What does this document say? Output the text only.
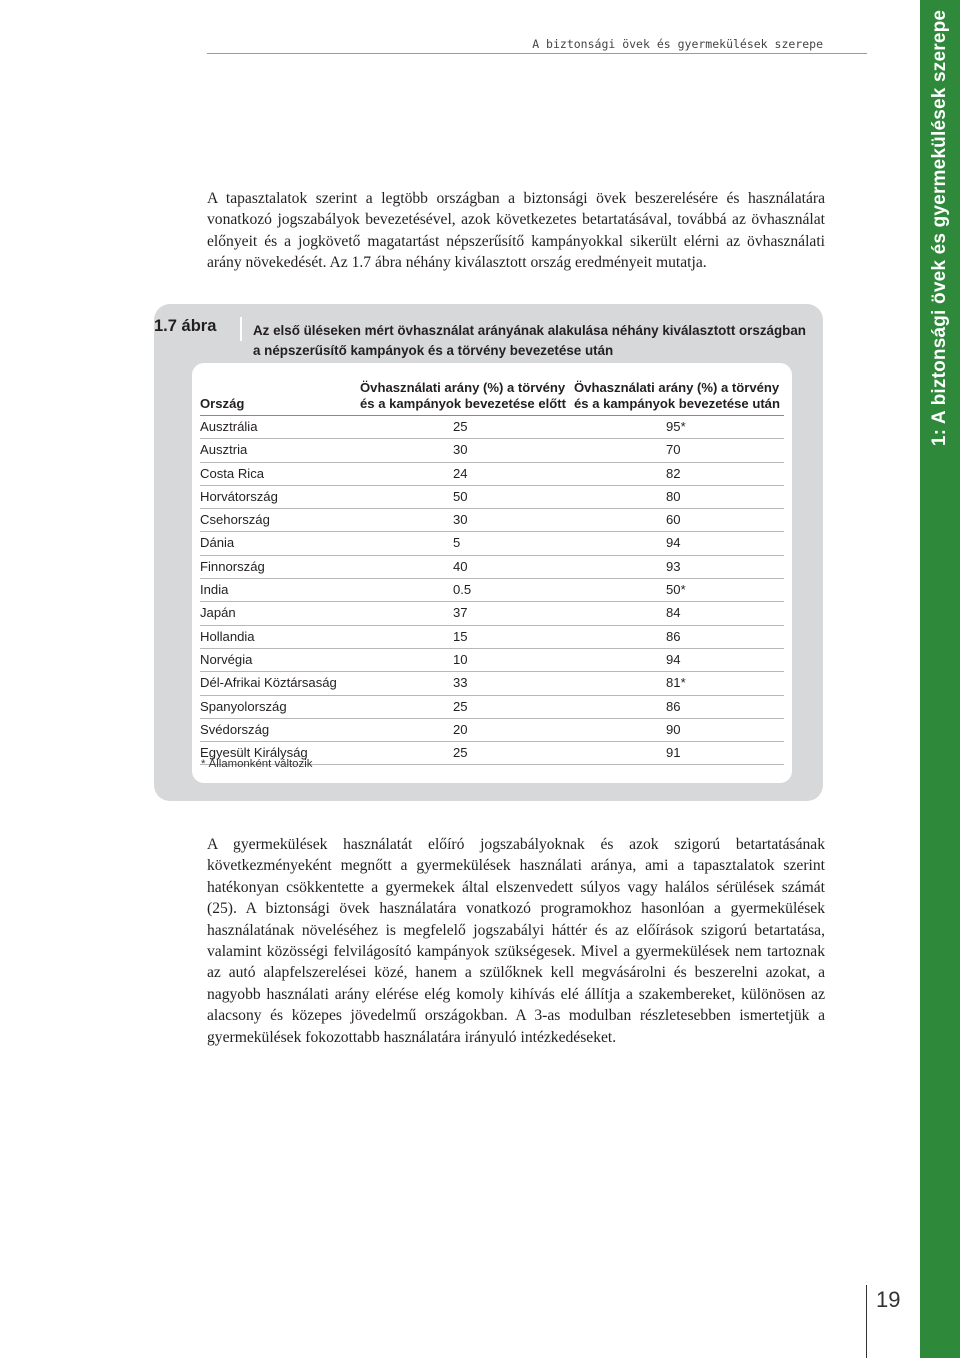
A biztonsági övek és gyermekülések szerepe	1: A biztonsági övek és gyermekülések szerepe

A tapasztalatok szerint a legtöbb országban a biztonsági övek beszerelésére és használatára vonatkozó jogszabályok bevezetésével, azok következetes betartatásával, továbbá az övhasználat előnyeit és a jogkövető magatartást népszerűsítő kampányokkal sikerült elérni az övhasználati arány növekedését. Az 1.7 ábra néhány kiválasztott ország eredményeit mutatja.

1.7 ábra	Az első üléseken mért övhasználat arányának alakulása néhány kiválasztott országban a népszerűsítő kampányok és a törvény bevezetése után
Ország	Övhasználati arány (%) a törvény és a kampányok bevezetése előtt	Övhasználati arány (%) a törvény és a kampányok bevezetése után
Ausztrália	25	95*
Ausztria	30	70
Costa Rica	24	82
Horvátország	50	80
Csehország	30	60
Dánia	5	94
Finnország	40	93
India	0.5	50*
Japán	37	84
Hollandia	15	86
Norvégia	10	94
Dél-Afrikai Köztársaság	33	81*
Spanyolország	25	86
Svédország	20	90
Egyesült Királyság	25	91
* Államonként változik

A gyermekülések használatát előíró jogszabályoknak és azok szigorú betartatásának következményeként megnőtt a gyermekülések használati aránya, ami a tapasztalatok szerint hatékonyan csökkentette a gyermekek által elszenvedett súlyos vagy halálos sérülések számát (25). A biztonsági övek használatára vonatkozó programokhoz hasonlóan a gyermekülések használatának növeléséhez is megfelelő jogszabályi háttér és az előírások szigorú betartatása, valamint közösségi felvilágosító kampányok szükségesek. Mivel a gyermekülések nem tartoznak az autó alapfelszerelései közé, hanem a szülőknek kell megvásárolni és beszerelni azokat, a nagyobb használati arány elérése elég komoly kihívás elé állítja a szakembereket, különösen az alacsony és közepes jövedelmű országokban. A 3-as modulban részletesebben ismertetjük a gyermekülések fokozottabb használatára irányuló intézkedéseket.

19
